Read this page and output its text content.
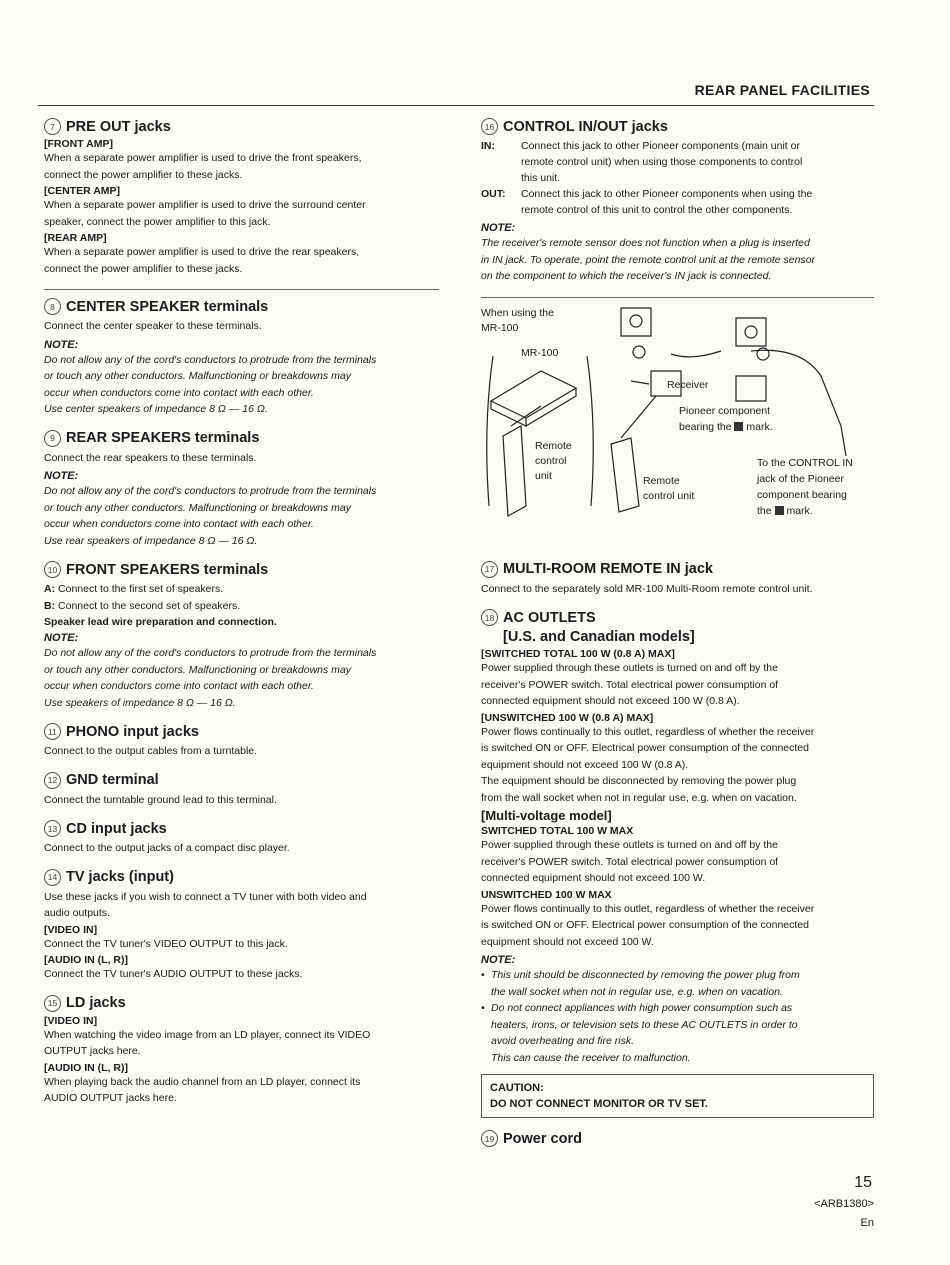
REAR PANEL FACILITIES
7 PRE OUT jacks
[FRONT AMP]
When a separate power amplifier is used to drive the front speakers,
connect the power amplifier to these jacks.
[CENTER AMP]
When a separate power amplifier is used to drive the surround center
speaker, connect the power amplifier to this jack.
[REAR AMP]
When a separate power amplifier is used to drive the rear speakers,
connect the power amplifier to these jacks.
8 CENTER SPEAKER terminals
Connect the center speaker to these terminals.
NOTE:
Do not allow any of the cord's conductors to protrude from the terminals
or touch any other conductors. Malfunctioning or breakdowns may
occur when conductors come into contact with each other.
Use center speakers of impedance 8 Ω — 16 Ω.
9 REAR SPEAKERS terminals
Connect the rear speakers to these terminals.
NOTE:
Do not allow any of the cord's conductors to protrude from the terminals
or touch any other conductors. Malfunctioning or breakdowns may
occur when conductors come into contact with each other.
Use rear speakers of impedance 8 Ω — 16 Ω.
10 FRONT SPEAKERS terminals
A:
Connect to the first set of speakers.
B:
Connect to the second set of speakers.
Speaker lead wire preparation and connection.
NOTE:
Do not allow any of the cord's conductors to protrude from the terminals
or touch any other conductors. Malfunctioning or breakdowns may
occur when conductors come into contact with each other.
Use speakers of impedance 8 Ω — 16 Ω.
11 PHONO input jacks
Connect to the output cables from a turntable.
12 GND terminal
Connect the turntable ground lead to this terminal.
13 CD input jacks
Connect to the output jacks of a compact disc player.
14 TV jacks (input)
Use these jacks if you wish to connect a TV tuner with both video and
audio outputs.
[VIDEO IN]
Connect the TV tuner's VIDEO OUTPUT to this jack.
[AUDIO IN (L, R)]
Connect the TV tuner's AUDIO OUTPUT to these jacks.
15 LD jacks
[VIDEO IN]
When watching the video image from an LD player, connect its VIDEO
OUTPUT jacks here.
[AUDIO IN (L, R)]
When playing back the audio channel from an LD player, connect its
AUDIO OUTPUT jacks here.
16 CONTROL IN/OUT jacks
IN:	Connect this jack to other Pioneer components (main unit or
remote control unit) when using those components to control
this unit.
OUT:	Connect this jack to other Pioneer components when using the
remote control of this unit to control the other components.
NOTE:
The receiver's remote sensor does not function when a plug is inserted
in IN jack. To operate, point the remote control unit at the remote sensor
on the component to which the receiver's IN jack is connected.
When using the
MR-100
MR-100
Remote
control
unit
Receiver
Pioneer component
bearing the mark.
Remote
control unit
To the CONTROL IN
jack of the Pioneer
component bearing
the mark.
17 MULTI-ROOM REMOTE IN jack
Connect to the separately sold MR-100 Multi-Room remote control unit.
18 AC OUTLETS
[U.S. and Canadian models]
[SWITCHED TOTAL 100 W (0.8 A) MAX]
Power supplied through these outlets is turned on and off by the
receiver's POWER switch. Total electrical power consumption of
connected equipment should not exceed 100 W (0.8 A).
[UNSWITCHED 100 W (0.8 A) MAX]
Power flows continually to this outlet, regardless of whether the receiver
is switched ON or OFF. Electrical power consumption of the connected
equipment should not exceed 100 W (0.8 A).
The equipment should be disconnected by removing the power plug
from the wall socket when not in regular use, e.g. when on vacation.
[Multi-voltage model]
SWITCHED TOTAL 100 W MAX
Power supplied through these outlets is turned on and off by the
receiver's POWER switch. Total electrical power consumption of
connected equipment should not exceed 100 W.
UNSWITCHED 100 W MAX
Power flows continually to this outlet, regardless of whether the receiver
is switched ON or OFF. Electrical power consumption of the connected
equipment should not exceed 100 W.
NOTE:
• This unit should be disconnected by removing the power plug from
the wall socket when not in regular use, e.g. when on vacation.
• Do not connect appliances with high power consumption such as
heaters, irons, or television sets to these AC OUTLETS in order to
avoid overheating and fire risk.
This can cause the receiver to malfunction.
CAUTION:
DO NOT CONNECT MONITOR OR TV SET.
19 Power cord
15
<ARB1380>
En
